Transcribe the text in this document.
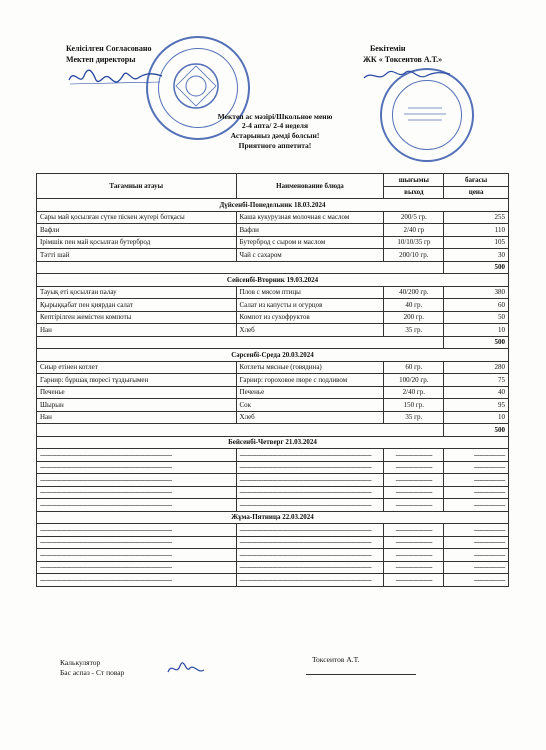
Келісілген Согласовано
Мектеп директоры
Бекітемін
ЖК « Токсеитов А.Т.»
Мектеп ас мәзірі/Школьное меню
2-4 апта/ 2-4 неделя
Астарыныз дәмді болсын!
Приятного аппетита!
Тағамнын атауы	Наименование блюда	шығымы	бағасы
		выход	цена
Дүйсенбі-Понедельник 18.03.2024			
Сары май қосылған сүтке піскен жүгері ботқасы	Каша кукурузная молочная с маслом	200/5 гр.	255
Вафли	Вафли	2/40 гр	110
Ірімшік пен май қосылған бутерброд	Бутерброд с сыром и маслом	10/10/35 гр	105
Тәтті шай	Чай с сахаром	200/10 гр.	30
			500
Сейсенбі-Вторник 19.03.2024			
Тауық еті қосылған палау	Плов с мясом птицы	40/200 гр.	380
Қырыққабат пен қиярдан салат	Салат из капусты и огурцов	40 гр.	60
Кептірілген жемістен компоты	Компот из сухофруктов	200 гр.	50
Нан	Хлеб	35 гр.	10
			500
Сәрсенбі-Среда 20.03.2024			
Сиыр етінен котлет	Котлеты мясные (говядина)	60 гр.	280
Гарнир: бұршақ пюресі тұздығымен	Гарнир: гороховое пюре с подливом	100/20 гр.	75
Печенье	Печенье	2/40 гр.	40
Шырын	Сок	150 гр.	95
Нан	Хлеб	35 гр.	10
			500
Бейсенбі-Четверг 21.03.2024			
------------------------------------------------------------------------	------------------------------------------------------------------------	--------------------	-----------------
------------------------------------------------------------------------	------------------------------------------------------------------------	--------------------	-----------------
------------------------------------------------------------------------	------------------------------------------------------------------------	--------------------	-----------------
------------------------------------------------------------------------	------------------------------------------------------------------------	--------------------	-----------------
------------------------------------------------------------------------	------------------------------------------------------------------------	--------------------	-----------------
Жұма-Пятница 22.03.2024			
------------------------------------------------------------------------	------------------------------------------------------------------------	--------------------	-----------------
------------------------------------------------------------------------	------------------------------------------------------------------------	--------------------	-----------------
------------------------------------------------------------------------	------------------------------------------------------------------------	--------------------	-----------------
------------------------------------------------------------------------	------------------------------------------------------------------------	--------------------	-----------------
------------------------------------------------------------------------	------------------------------------------------------------------------	--------------------	-----------------
Калькулятор
Бас аспаз - Ст повар
Токсеитов А.Т.
